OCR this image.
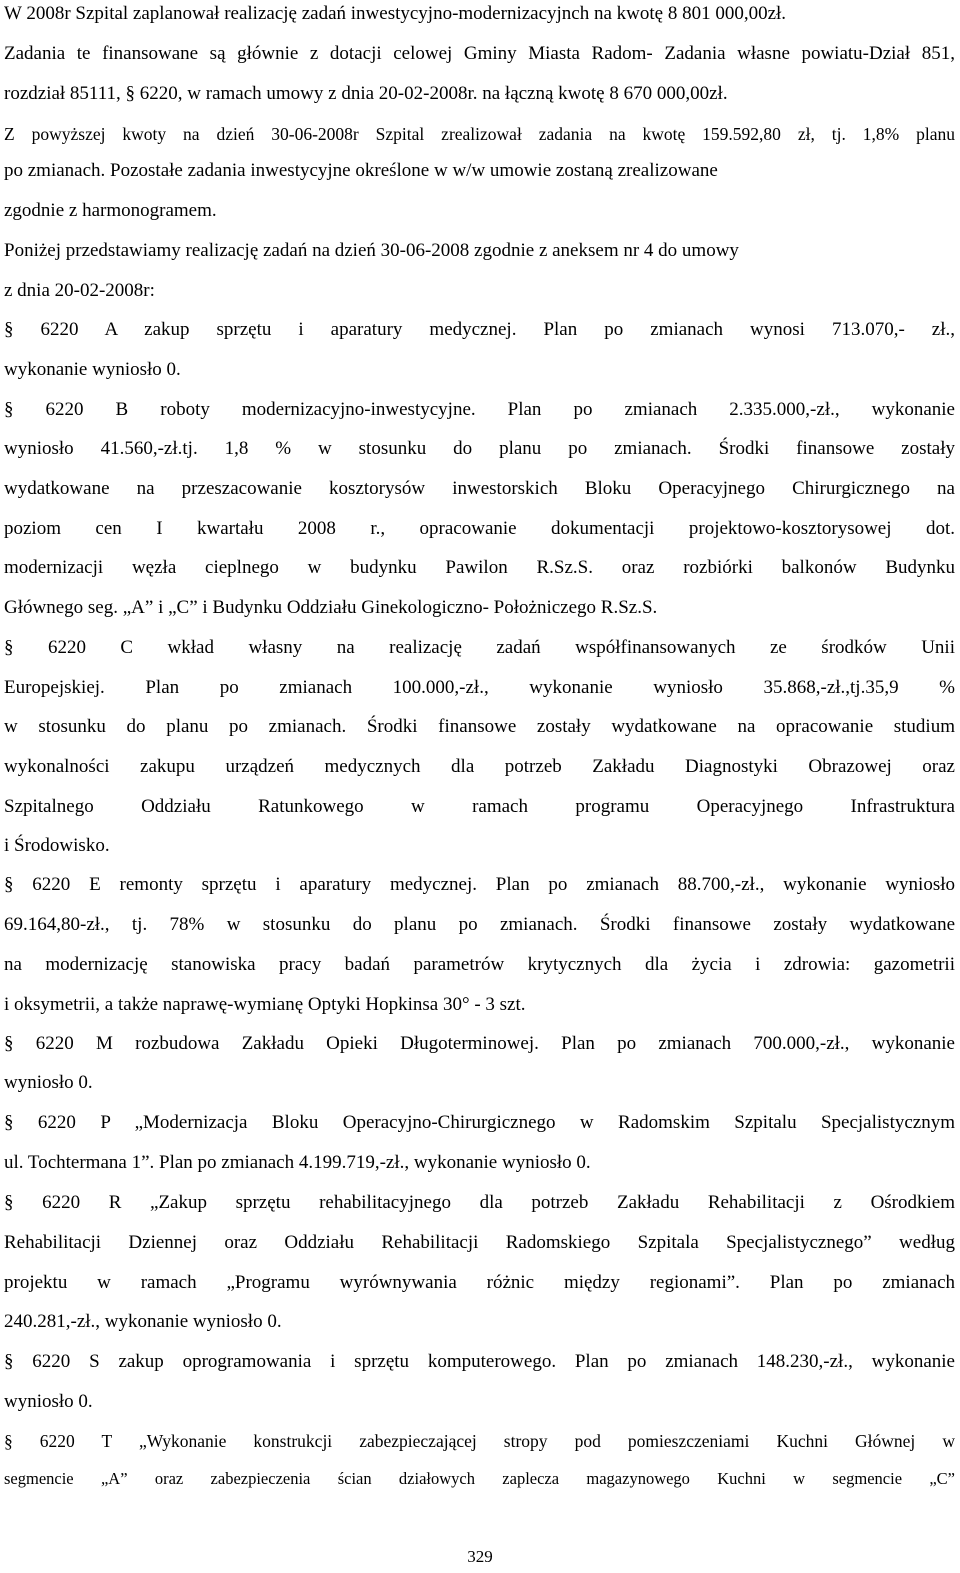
W 2008r Szpital zaplanował realizację zadań inwestycyjno-modernizacyjnch na kwotę 8 801 000,00zł.
Zadania te finansowane są głównie z dotacji celowej Gminy Miasta Radom- Zadania własne powiatu-Dział 851,
rozdział 85111, § 6220, w ramach umowy z dnia 20-02-2008r. na łączną kwotę 8 670 000,00zł.
Z powyższej kwoty na dzień 30-06-2008r Szpital zrealizował zadania na kwotę 159.592,80 zł, tj. 1,8% planu
po zmianach. Pozostałe zadania inwestycyjne określone w w/w umowie zostaną zrealizowane
zgodnie z harmonogramem.
Poniżej przedstawiamy realizację zadań na dzień 30-06-2008 zgodnie z aneksem nr 4 do umowy
z dnia 20-02-2008r:
§ 6220 A zakup sprzętu i aparatury medycznej. Plan po zmianach wynosi 713.070,- zł.,
wykonanie wyniosło 0.
§ 6220 B roboty modernizacyjno-inwestycyjne. Plan po zmianach 2.335.000,-zł., wykonanie
wyniosło 41.560,-zł.tj. 1,8 % w stosunku do planu po zmianach. Środki finansowe zostały
wydatkowane na przeszacowanie kosztorysów inwestorskich Bloku Operacyjnego Chirurgicznego na
poziom cen I kwartału 2008 r., opracowanie dokumentacji projektowo-kosztorysowej dot.
modernizacji węzła cieplnego w budynku Pawilon R.Sz.S. oraz rozbiórki balkonów Budynku
Głównego seg. „A” i „C” i Budynku Oddziału Ginekologiczno- Położniczego R.Sz.S.
§ 6220 C wkład własny na realizację zadań współfinansowanych ze środków Unii
Europejskiej. Plan po zmianach 100.000,-zł., wykonanie wyniosło 35.868,-zł.,tj.35,9 %
w stosunku do planu po zmianach. Środki finansowe zostały wydatkowane na opracowanie studium
wykonalności zakupu urządzeń medycznych dla potrzeb Zakładu Diagnostyki Obrazowej oraz
Szpitalnego Oddziału Ratunkowego w ramach programu Operacyjnego Infrastruktura
i Środowisko.
§ 6220 E remonty sprzętu i aparatury medycznej. Plan po zmianach 88.700,-zł., wykonanie wyniosło
69.164,80-zł., tj. 78% w stosunku do planu po zmianach. Środki finansowe zostały wydatkowane
na modernizację stanowiska pracy badań parametrów krytycznych dla życia i zdrowia: gazometrii
i oksymetrii, a także naprawę-wymianę Optyki Hopkinsa 30° - 3 szt.
§ 6220 M rozbudowa Zakładu Opieki Długoterminowej. Plan po zmianach 700.000,-zł., wykonanie
wyniosło 0.
§ 6220 P „Modernizacja Bloku Operacyjno-Chirurgicznego w Radomskim Szpitalu Specjalistycznym
ul. Tochtermana 1”. Plan po zmianach 4.199.719,-zł., wykonanie wyniosło 0.
§ 6220 R „Zakup sprzętu rehabilitacyjnego dla potrzeb Zakładu Rehabilitacji z Ośrodkiem
Rehabilitacji Dziennej oraz Oddziału Rehabilitacji Radomskiego Szpitala Specjalistycznego” według
projektu w ramach „Programu wyrównywania różnic między regionami”. Plan po zmianach
240.281,-zł., wykonanie wyniosło 0.
§ 6220 S zakup oprogramowania i sprzętu komputerowego. Plan po zmianach 148.230,-zł., wykonanie
wyniosło 0.
§ 6220 T „Wykonanie konstrukcji zabezpieczającej stropy pod pomieszczeniami Kuchni Głównej w
segmencie „A” oraz zabezpieczenia ścian działowych zaplecza magazynowego Kuchni w segmencie „C”
329
